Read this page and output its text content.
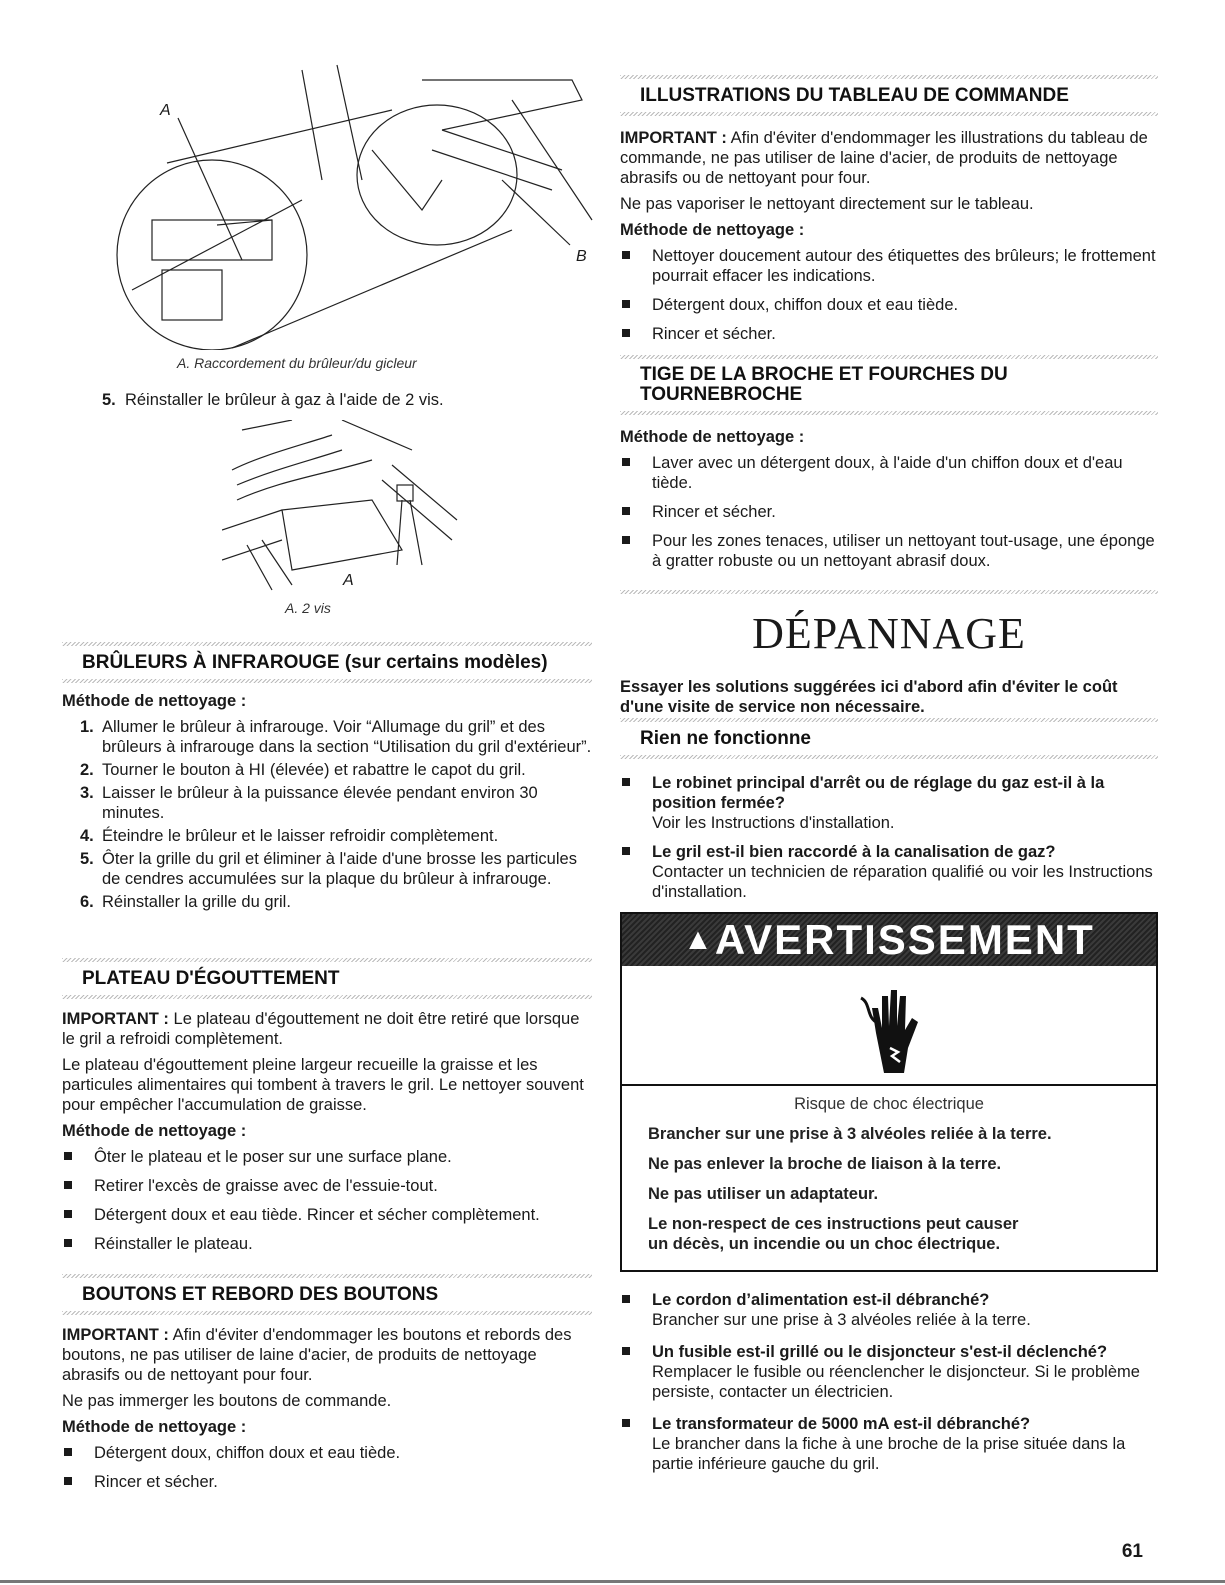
A
B
A. Raccordement du brûleur/du gicleur

5. Réinstaller le brûleur à gaz à l'aide de 2 vis.

A
A. 2 vis
BRÛLEURS À INFRAROUGE (sur certains modèles)

Méthode de nettoyage :

1. Allumer le brûleur à infrarouge. Voir “Allumage du gril” et des brûleurs à infrarouge dans la section “Utilisation du gril d'extérieur”.
2. Tourner le bouton à HI (élevée) et rabattre le capot du gril.
3. Laisser le brûleur à la puissance élevée pendant environ 30 minutes.
4. Éteindre le brûleur et le laisser refroidir complètement.
5. Ôter la grille du gril et éliminer à l'aide d'une brosse les particules de cendres accumulées sur la plaque du brûleur à infrarouge.
6. Réinstaller la grille du gril.
PLATEAU D'ÉGOUTTEMENT

IMPORTANT : Le plateau d'égouttement ne doit être retiré que lorsque le gril a refroidi complètement.

Le plateau d'égouttement pleine largeur recueille la graisse et les particules alimentaires qui tombent à travers le gril. Le nettoyer souvent pour empêcher l'accumulation de graisse.

Méthode de nettoyage :

Ôter le plateau et le poser sur une surface plane.
Retirer l'excès de graisse avec de l'essuie-tout.
Détergent doux et eau tiède. Rincer et sécher complètement.
Réinstaller le plateau.
BOUTONS ET REBORD DES BOUTONS

IMPORTANT : Afin d'éviter d'endommager les boutons et rebords des boutons, ne pas utiliser de laine d'acier, de produits de nettoyage abrasifs ou de nettoyant pour four.

Ne pas immerger les boutons de commande.

Méthode de nettoyage :

Détergent doux, chiffon doux et eau tiède.
Rincer et sécher.
ILLUSTRATIONS DU TABLEAU DE COMMANDE

IMPORTANT : Afin d'éviter d'endommager les illustrations du tableau de commande, ne pas utiliser de laine d'acier, de produits de nettoyage abrasifs ou de nettoyant pour four.

Ne pas vaporiser le nettoyant directement sur le tableau.

Méthode de nettoyage :

Nettoyer doucement autour des étiquettes des brûleurs; le frottement pourrait effacer les indications.
Détergent doux, chiffon doux et eau tiède.
Rincer et sécher.
TIGE DE LA BROCHE ET FOURCHES DU
TOURNEBROCHE

Méthode de nettoyage :

Laver avec un détergent doux, à l'aide d'un chiffon doux et d'eau tiède.
Rincer et sécher.
Pour les zones tenaces, utiliser un nettoyant tout-usage, une éponge à gratter robuste ou un nettoyant abrasif doux.
DÉPANNAGE

Essayer les solutions suggérées ici d'abord afin d'éviter le coût d'une visite de service non nécessaire.

Rien ne fonctionne
Le robinet principal d'arrêt ou de réglage du gaz est-il à la position fermée?
Voir les Instructions d'installation.
Le gril est-il bien raccordé à la canalisation de gaz?
Contacter un technicien de réparation qualifié ou voir les Instructions d'installation.
▲AVERTISSEMENT

Risque de choc électrique

Brancher sur une prise à 3 alvéoles reliée à la terre.

Ne pas enlever la broche de liaison à la terre.

Ne pas utiliser un adaptateur.

Le non-respect de ces instructions peut causer
un décès, un incendie ou un choc électrique.

Le cordon d’alimentation est-il débranché?
Brancher sur une prise à 3 alvéoles reliée à la terre.
Un fusible est-il grillé ou le disjoncteur s'est-il déclenché?
Remplacer le fusible ou réenclencher le disjoncteur. Si le problème persiste, contacter un électricien.
Le transformateur de 5000 mA est-il débranché?
Le brancher dans la fiche à une broche de la prise située dans la partie inférieure gauche du gril.
61
